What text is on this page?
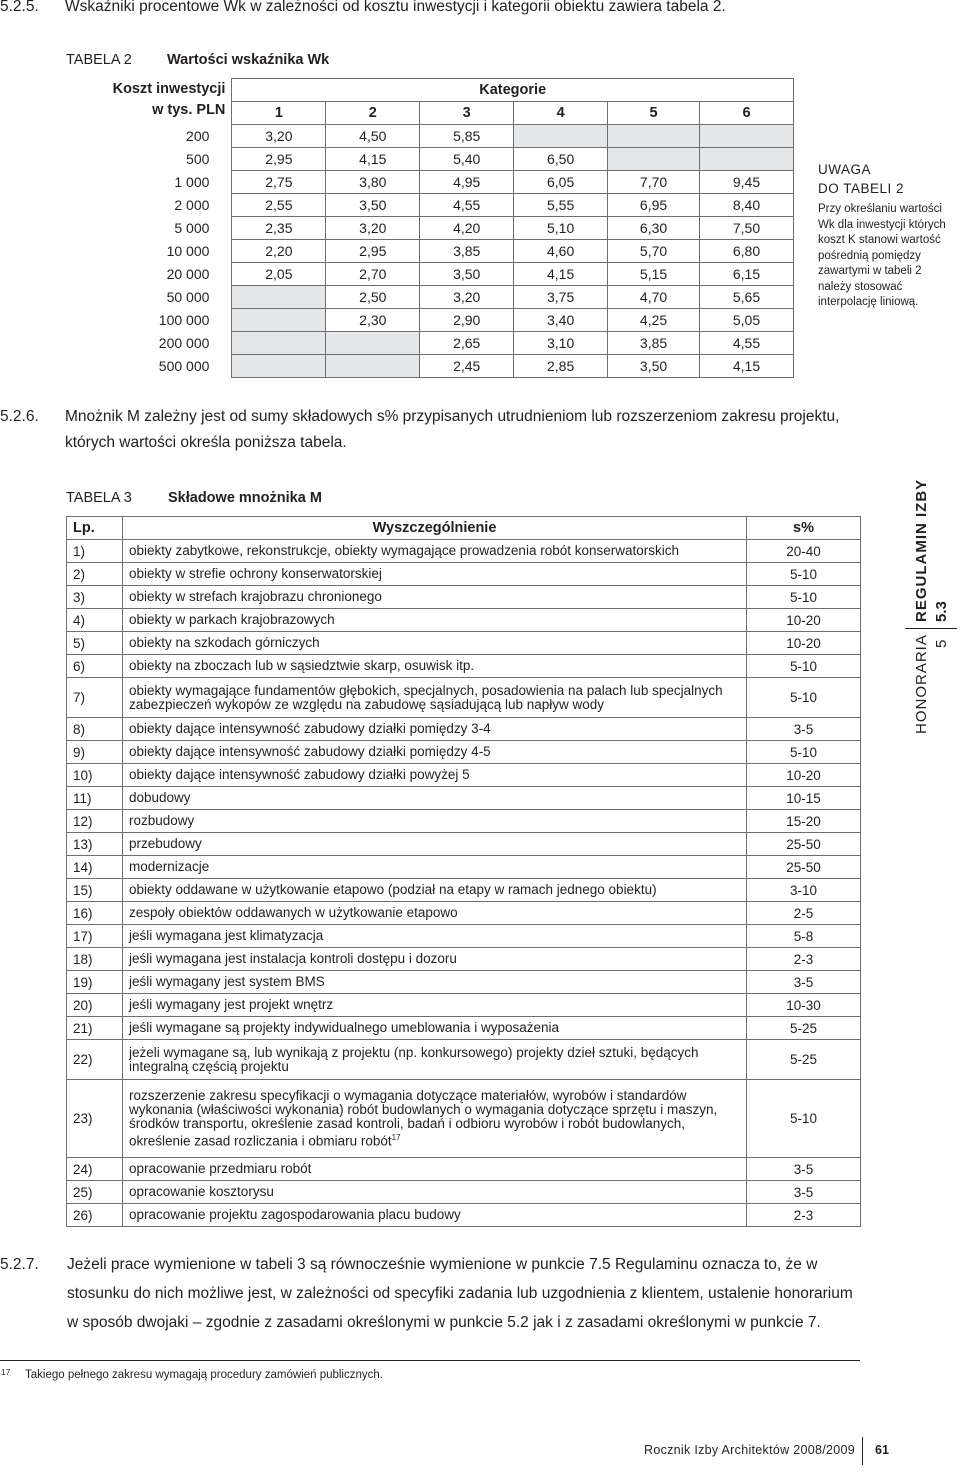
5.2.5. Wskaźniki procentowe Wk w zależności od kosztu inwestycji i kategorii obiektu zawiera tabela 2.
TABELA 2 Wartości wskaźnika Wk
Koszt inwestycji
w tys. PLN	Kategorie					
	1	2	3	4	5	6
200	3,20	4,50	5,85			
500	2,95	4,15	5,40	6,50		
1 000	2,75	3,80	4,95	6,05	7,70	9,45
2 000	2,55	3,50	4,55	5,55	6,95	8,40
5 000	2,35	3,20	4,20	5,10	6,30	7,50
10 000	2,20	2,95	3,85	4,60	5,70	6,80
20 000	2,05	2,70	3,50	4,15	5,15	6,15
50 000		2,50	3,20	3,75	4,70	5,65
100 000		2,30	2,90	3,40	4,25	5,05
200 000			2,65	3,10	3,85	4,55
500 000			2,45	2,85	3,50	4,15
UWAGA
DO TABELI 2
Przy określaniu wartości Wk dla inwestycji których koszt K stanowi wartość pośrednią pomiędzy zawartymi w tabeli 2 należy stosować interpolację liniową.
5.2.6. Mnożnik M zależny jest od sumy składowych s% przypisanych utrudnieniom lub rozszerzeniom zakresu projektu, których wartości określa poniższa tabela.
TABELA 3 Składowe mnożnika M
Lp.	Wyszczególnienie	s%
1)	obiekty zabytkowe, rekonstrukcje, obiekty wymagające prowadzenia robót konserwatorskich	20-40
2)	obiekty w strefie ochrony konserwatorskiej	5-10
3)	obiekty w strefach krajobrazu chronionego	5-10
4)	obiekty w parkach krajobrazowych	10-20
5)	obiekty na szkodach górniczych	10-20
6)	obiekty na zboczach lub w sąsiedztwie skarp, osuwisk itp.	5-10
7)	obiekty wymagające fundamentów głębokich, specjalnych, posadowienia na palach lub specjalnych zabezpieczeń wykopów ze względu na zabudowę sąsiadującą lub napływ wody	5-10
8)	obiekty dające intensywność zabudowy działki pomiędzy 3-4	3-5
9)	obiekty dające intensywność zabudowy działki pomiędzy 4-5	5-10
10)	obiekty dające intensywność zabudowy działki powyżej 5	10-20
11)	dobudowy	10-15
12)	rozbudowy	15-20
13)	przebudowy	25-50
14)	modernizacje	25-50
15)	obiekty oddawane w użytkowanie etapowo (podział na etapy w ramach jednego obiektu)	3-10
16)	zespoły obiektów oddawanych w użytkowanie etapowo	2-5
17)	jeśli wymagana jest klimatyzacja	5-8
18)	jeśli wymagana jest instalacja kontroli dostępu i dozoru	2-3
19)	jeśli wymagany jest system BMS	3-5
20)	jeśli wymagany jest projekt wnętrz	10-30
21)	jeśli wymagane są projekty indywidualnego umeblowania i wyposażenia	5-25
22)	jeżeli wymagane są, lub wynikają z projektu (np. konkursowego) projekty dzieł sztuki, będących integralną częścią projektu	5-25
23)	rozszerzenie zakresu specyfikacji o wymagania dotyczące materiałów, wyrobów i standardów wykonania (właściwości wykonania) robót budowlanych o wymagania dotyczące sprzętu i maszyn, środków transportu, określenie zasad kontroli, badań i odbioru wyrobów i robót budowlanych, określenie zasad rozliczania i obmiaru robót$^{17}$	5-10
24)	opracowanie przedmiaru robót	3-5
25)	opracowanie kosztorysu	3-5
26)	opracowanie projektu zagospodarowania placu budowy	2-3
REGULAMIN IZBY 5.3
HONORARIA 5
5.2.7. Jeżeli prace wymienione w tabeli 3 są równocześnie wymienione w punkcie 7.5 Regulaminu oznacza to, że w stosunku do nich możliwe jest, w zależności od specyfiki zadania lub uzgodnienia z klientem, ustalenie honorarium w sposób dwojaki – zgodnie z zasadami określonymi w punkcie 5.2 jak i z zasadami określonymi w punkcie 7.
17 Takiego pełnego zakresu wymagają procedury zamówień publicznych.
Rocznik Izby Architektów 2008/2009 61
